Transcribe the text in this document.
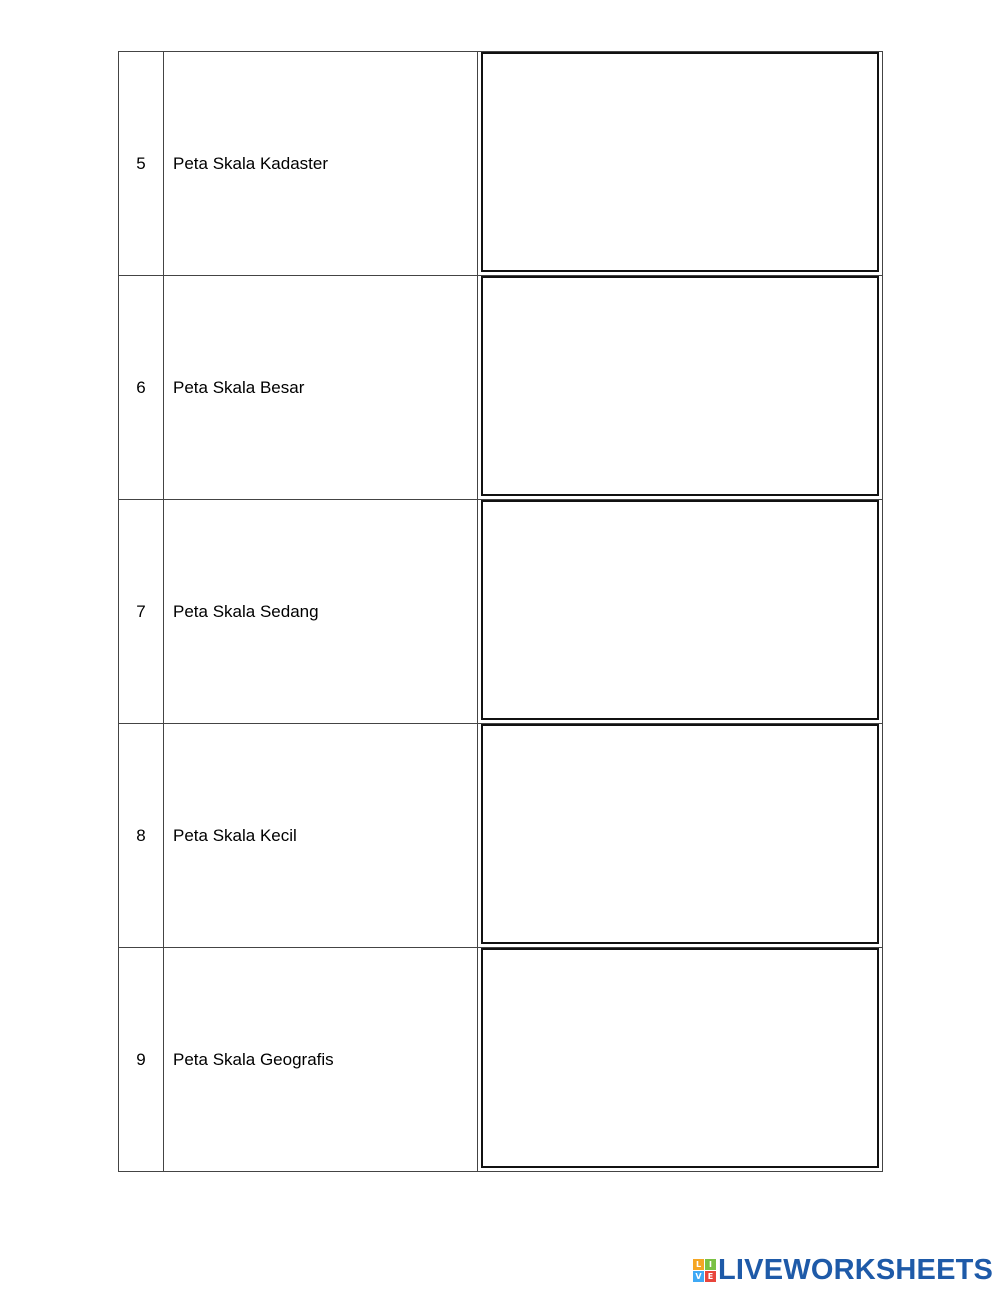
5	Peta Skala Kadaster	

6	Peta Skala Besar	

7	Peta Skala Sedang	

8	Peta Skala Kecil	

9	Peta Skala Geografis	
L I
V E LIVEWORKSHEETS
